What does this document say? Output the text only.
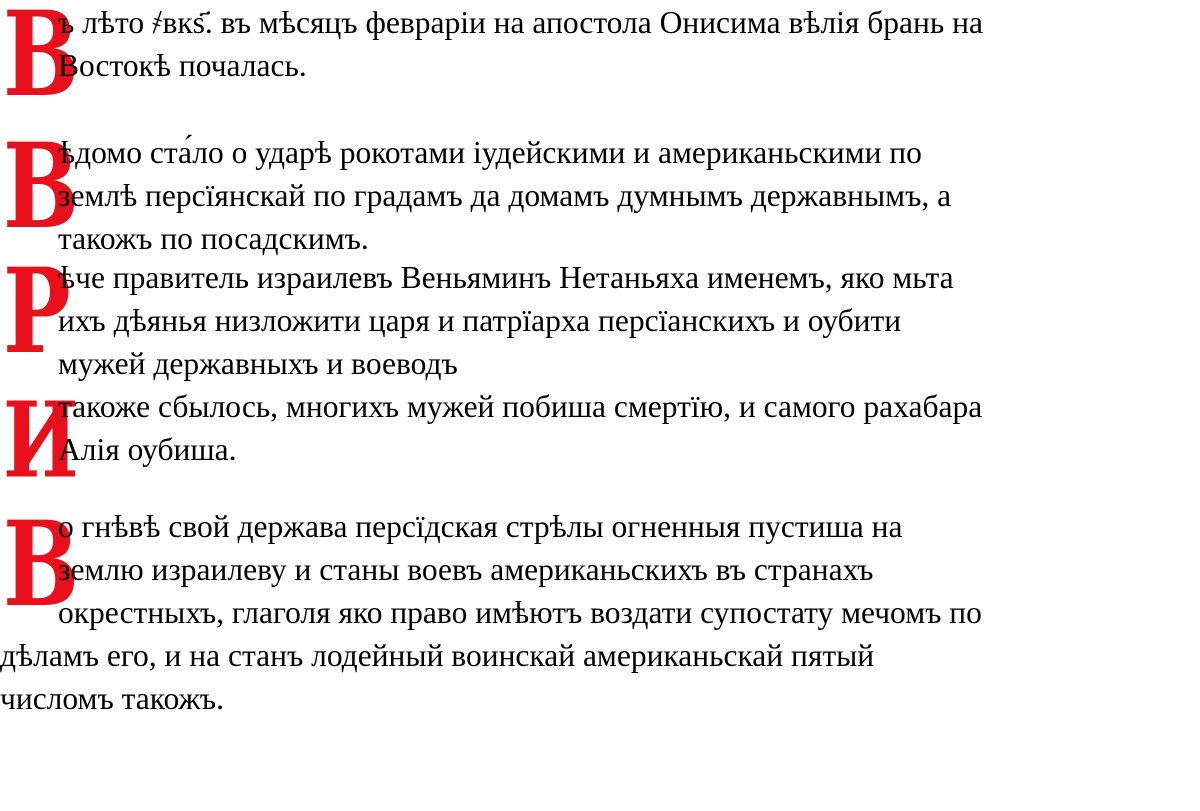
В
ъ лѣто ҂вкѕ҃. въ мѣсяцъ февраріи на апостола Онисима вѣлія брань на
Востокѣ почалась.
В
ѣдомо ста́ло о ударѣ рокотами іудейскими и американьскими по
землѣ персїянскай по градамъ да домамъ думнымъ державнымъ, а
такожъ по посадскимъ.
Р
ѣче правитель израилевъ Веньяминъ Нетаньяха именемъ, яко мьта
ихъ дѣянья низложити царя и патрїарха персїанскихъ и оубити
мужей державныхъ и воеводъ
И
такоже сбылось, многихъ мужей побиша смертїю, и самого рахабара
Алія оубиша.
В
о гнѣвѣ свой держава персїдская стрѣлы огненныя пустиша на
землю израилеву и станы воевъ американьскихъ въ странахъ
окрестныхъ, глаголя яко право имѣютъ воздати супостату мечомъ по
дѣламъ его, и на станъ лодейный воинскай американьскай пятый
числомъ такожъ.
